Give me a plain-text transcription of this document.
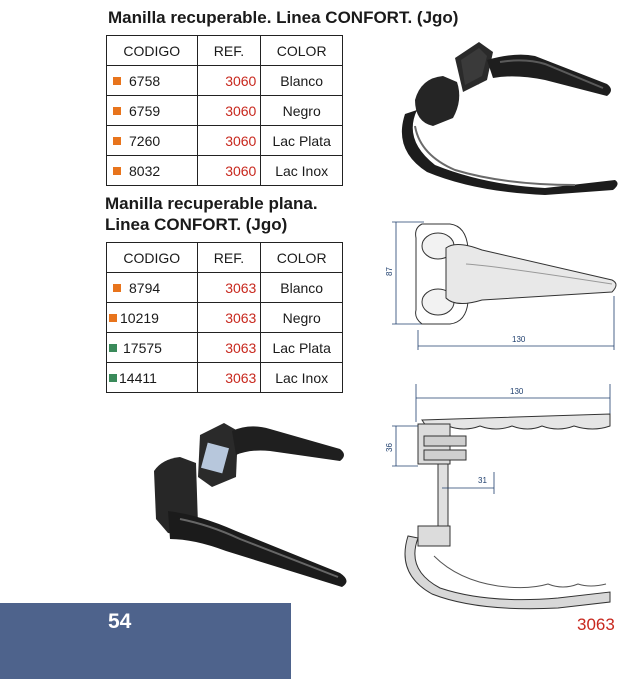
Manilla recuperable. Linea CONFORT. (Jgo)
CODIGO	REF.	COLOR
6758	3060	Blanco
6759	3060	Negro
7260	3060	Lac Plata
8032	3060	Lac Inox
Manilla recuperable plana.
Linea CONFORT. (Jgo)
CODIGO	REF.	COLOR
8794	3063	Blanco
10219	3063	Negro
17575	3063	Lac Plata
14411	3063	Lac Inox
87
130
130
36
31
54	3063
